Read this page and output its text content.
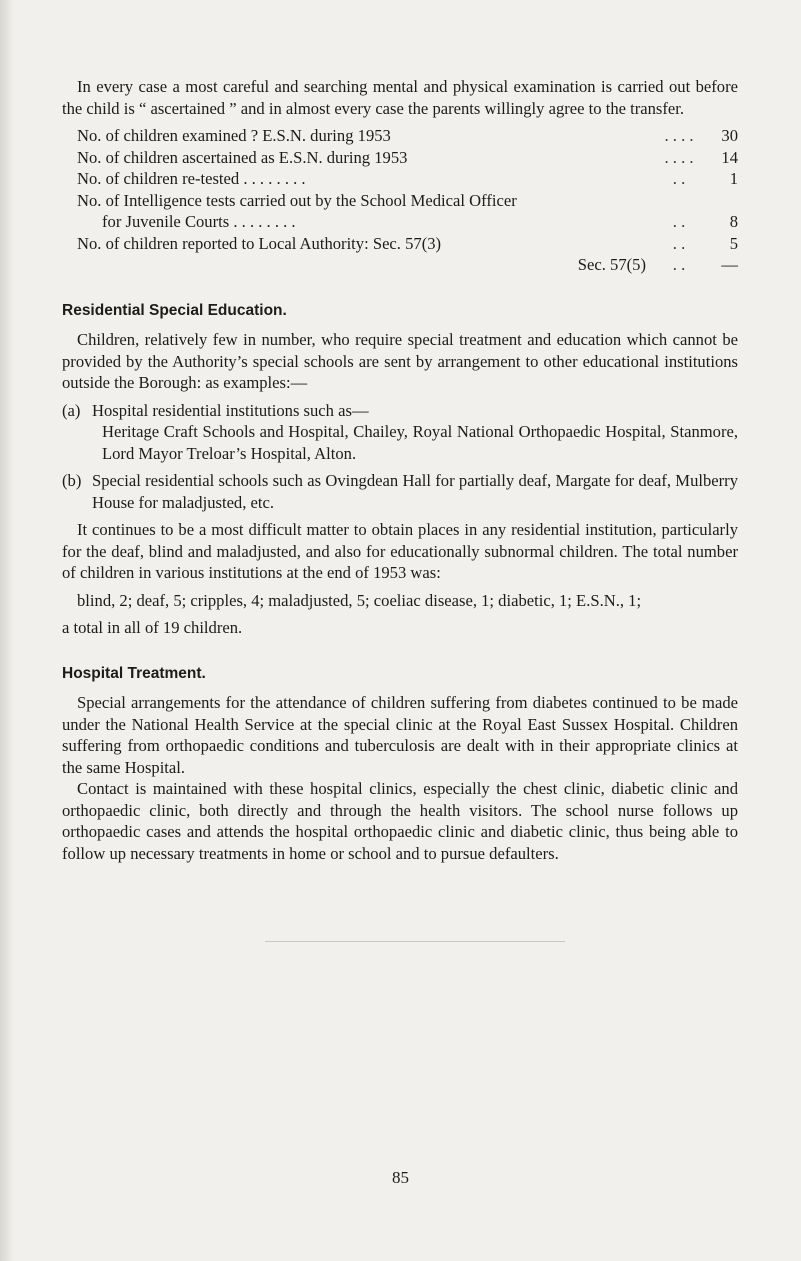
In every case a most careful and searching mental and physical examination is carried out before the child is “ ascertained ” and in almost every case the parents willingly agree to the transfer.

No. of children examined ? E.S.N. during 1953	. . . .	30
No. of children ascertained as E.S.N. during 1953	. . . .	14
No. of children re-tested . . . . . . . .	. .	1
No. of Intelligence tests carried out by the School Medical Officer
for Juvenile Courts . . . . . . . .	. .	8
No. of children reported to Local Authority: Sec. 57(3)	. .	5
Sec. 57(5)	. .	—
Residential Special Education.

Children, relatively few in number, who require special treatment and education which cannot be provided by the Authority’s special schools are sent by arrangement to other educational institutions outside the Borough: as examples:—

(a) Hospital residential institutions such as—

Heritage Craft Schools and Hospital, Chailey, Royal National Orthopaedic Hospital, Stanmore, Lord Mayor Treloar’s Hospital, Alton.

(b) Special residential schools such as Ovingdean Hall for partially deaf, Margate for deaf, Mulberry House for maladjusted, etc.

It continues to be a most difficult matter to obtain places in any residential institution, particularly for the deaf, blind and maladjusted, and also for educationally subnormal children. The total number of children in various institutions at the end of 1953 was:

blind, 2; deaf, 5; cripples, 4; maladjusted, 5; coeliac disease, 1; diabetic, 1; E.S.N., 1;

a total in all of 19 children.

Hospital Treatment.

Special arrangements for the attendance of children suffering from diabetes continued to be made under the National Health Service at the special clinic at the Royal East Sussex Hospital. Children suffering from orthopaedic conditions and tuberculosis are dealt with in their appropriate clinics at the same Hospital.

Contact is maintained with these hospital clinics, especially the chest clinic, diabetic clinic and orthopaedic clinic, both directly and through the health visitors. The school nurse follows up orthopaedic cases and attends the hospital orthopaedic clinic and diabetic clinic, thus being able to follow up necessary treatments in home or school and to pursue defaulters.

85
